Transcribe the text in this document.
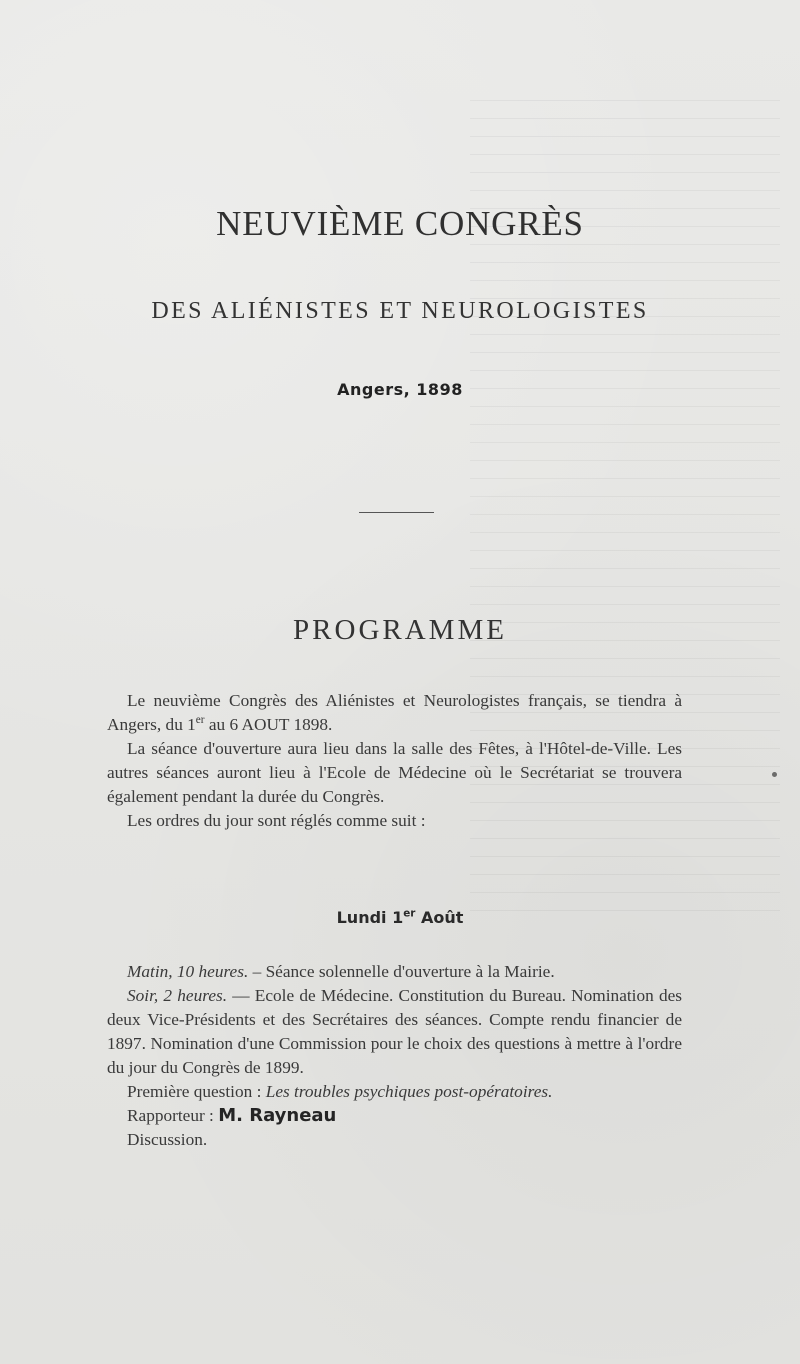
NEUVIÈME CONGRÈS
DES ALIÉNISTES ET NEUROLOGISTES
Angers, 1898
PROGRAMME

Le neuvième Congrès des Aliénistes et Neurologistes français, se tiendra à Angers, du 1er au 6 AOUT 1898.

La séance d'ouverture aura lieu dans la salle des Fêtes, à l'Hôtel-de-Ville. Les autres séances auront lieu à l'Ecole de Médecine où le Secrétariat se trouvera également pendant la durée du Congrès.

Les ordres du jour sont réglés comme suit :

Lundi 1er Août

Matin, 10 heures. – Séance solennelle d'ouverture à la Mairie.

Soir, 2 heures. — Ecole de Médecine. Constitution du Bureau. Nomination des deux Vice-Présidents et des Secrétaires des séances. Compte rendu financier de 1897. Nomination d'une Commission pour le choix des questions à mettre à l'ordre du jour du Congrès de 1899.

Première question : Les troubles psychiques post-opératoires.

Rapporteur : M. Rayneau

Discussion.
